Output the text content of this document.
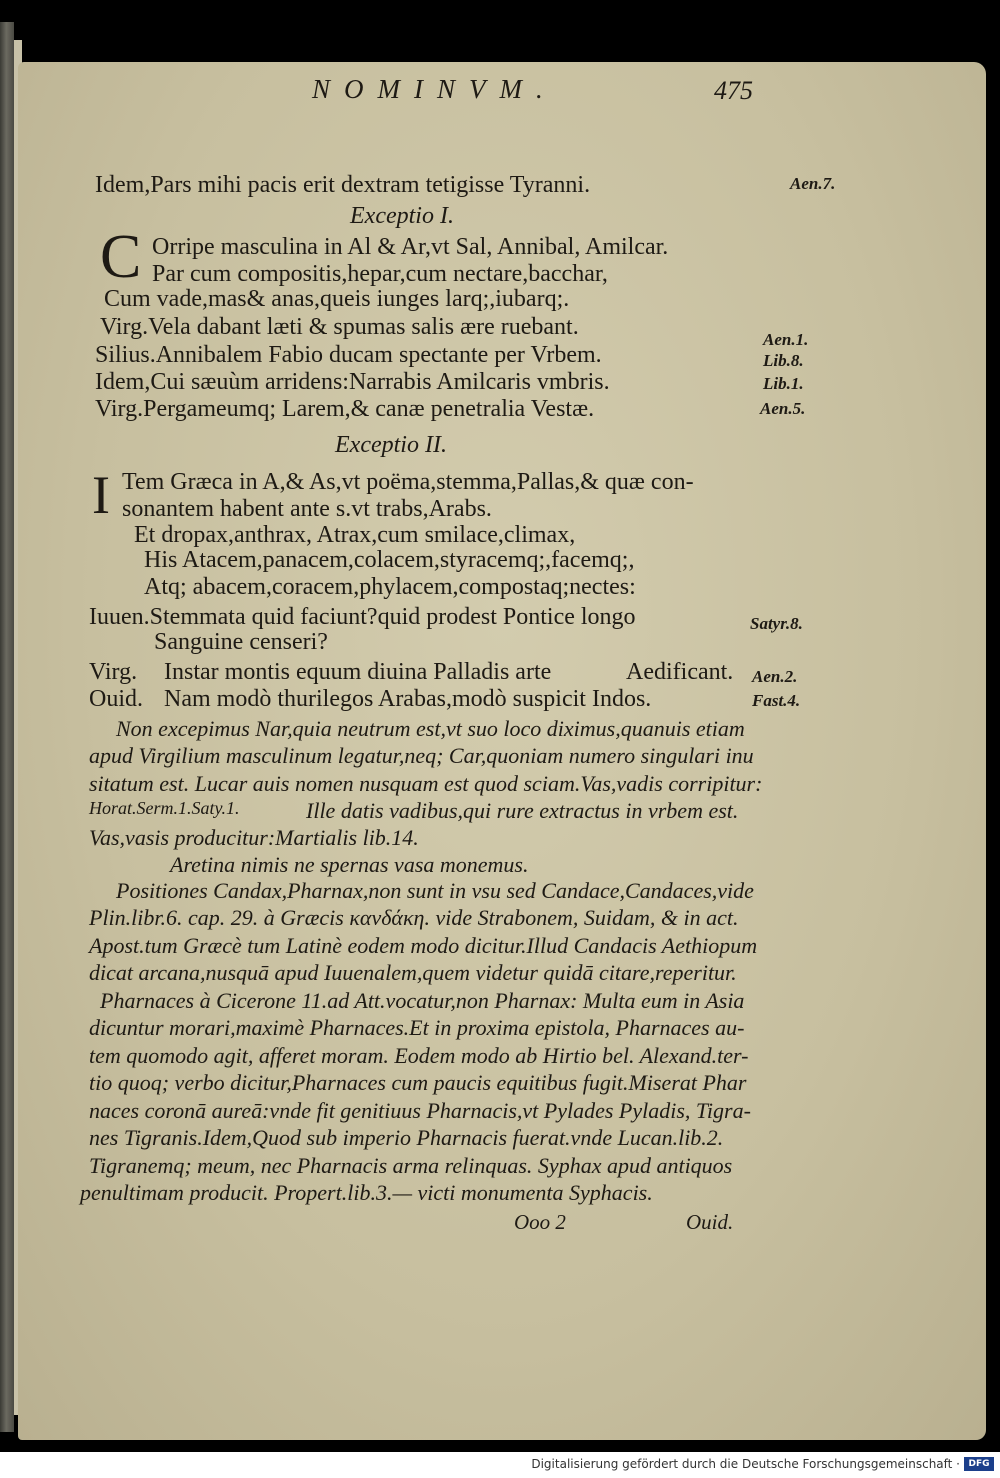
NOMINVM.	475
Aen.7.
Aen.1.
Lib.8.
Lib.1.
Aen.5.
Satyr.8.
Aen.2.
Fast.4.
Idem,Pars mihi pacis erit dextram tetigisse Tyranni.
Exceptio I.
C Orripe masculina in Al & Ar,vt Sal, Annibal, Amilcar.
Par cum compositis,hepar,cum nectare,bacchar,
Cum vade,mas& anas,queis iunges larq;,iubarq;.
Virg.Vela dabant læti & spumas salis ære ruebant.
Silius.Annibalem Fabio ducam spectante per Vrbem.
Idem,Cui sæuùm arridens:Narrabis Amilcaris vmbris.
Virg.Pergameumq; Larem,& canæ penetralia Vestæ.
Exceptio II.
I Tem Græca in A,& As,vt poëma,stemma,Pallas,& quæ con-
sonantem habent ante s.vt trabs,Arabs.
Et dropax,anthrax, Atrax,cum smilace,climax,
His Atacem,panacem,colacem,styracemq;,facemq;,
Atq; abacem,coracem,phylacem,compostaq;nectes:
Iuuen.Stemmata quid faciunt?quid prodest Pontice longo
Sanguine censeri?
Virg. Instar montis equum diuina Palladis arte	Aedificant.
Ouid. Nam modò thurilegos Arabas,modò suspicit Indos.
Non excepimus Nar,quia neutrum est,vt suo loco diximus,quanuis etiam
apud Virgilium masculinum legatur,neq; Car,quoniam numero singulari inu
sitatum est. Lucar auis nomen nusquam est quod sciam.Vas,vadis corripitur:
Horat.Serm.1.Saty.1.	Ille datis vadibus,qui rure extractus in vrbem est.
Vas,vasis producitur:Martialis lib.14.
Aretina nimis ne spernas vasa monemus.
Positiones Candax,Pharnax,non sunt in vsu sed Candace,Candaces,vide
Plin.libr.6. cap. 29. à Græcis κανδάκη. vide Strabonem, Suidam, & in act.
Apost.tum Græcè tum Latinè eodem modo dicitur.Illud Candacis Aethiopum
dicat arcana,nusquā apud Iuuenalem,quem videtur quidā citare,reperitur.
Pharnaces à Cicerone 11.ad Att.vocatur,non Pharnax: Multa eum in Asia
dicuntur morari,maximè Pharnaces.Et in proxima epistola, Pharnaces au-
tem quomodo agit, afferet moram. Eodem modo ab Hirtio bel. Alexand.ter-
tio quoq; verbo dicitur,Pharnaces cum paucis equitibus fugit.Miserat Phar
naces coronā aureā:vnde fit genitiuus Pharnacis,vt Pylades Pyladis, Tigra-
nes Tigranis.Idem,Quod sub imperio Pharnacis fuerat.vnde Lucan.lib.2.
Tigranemq; meum, nec Pharnacis arma relinquas. Syphax apud antiquos
penultimam producit. Propert.lib.3.— victi monumenta Syphacis.
Ooo 2	Ouid.
Digitalisierung gefördert durch die Deutsche Forschungsgemeinschaft · DFG
